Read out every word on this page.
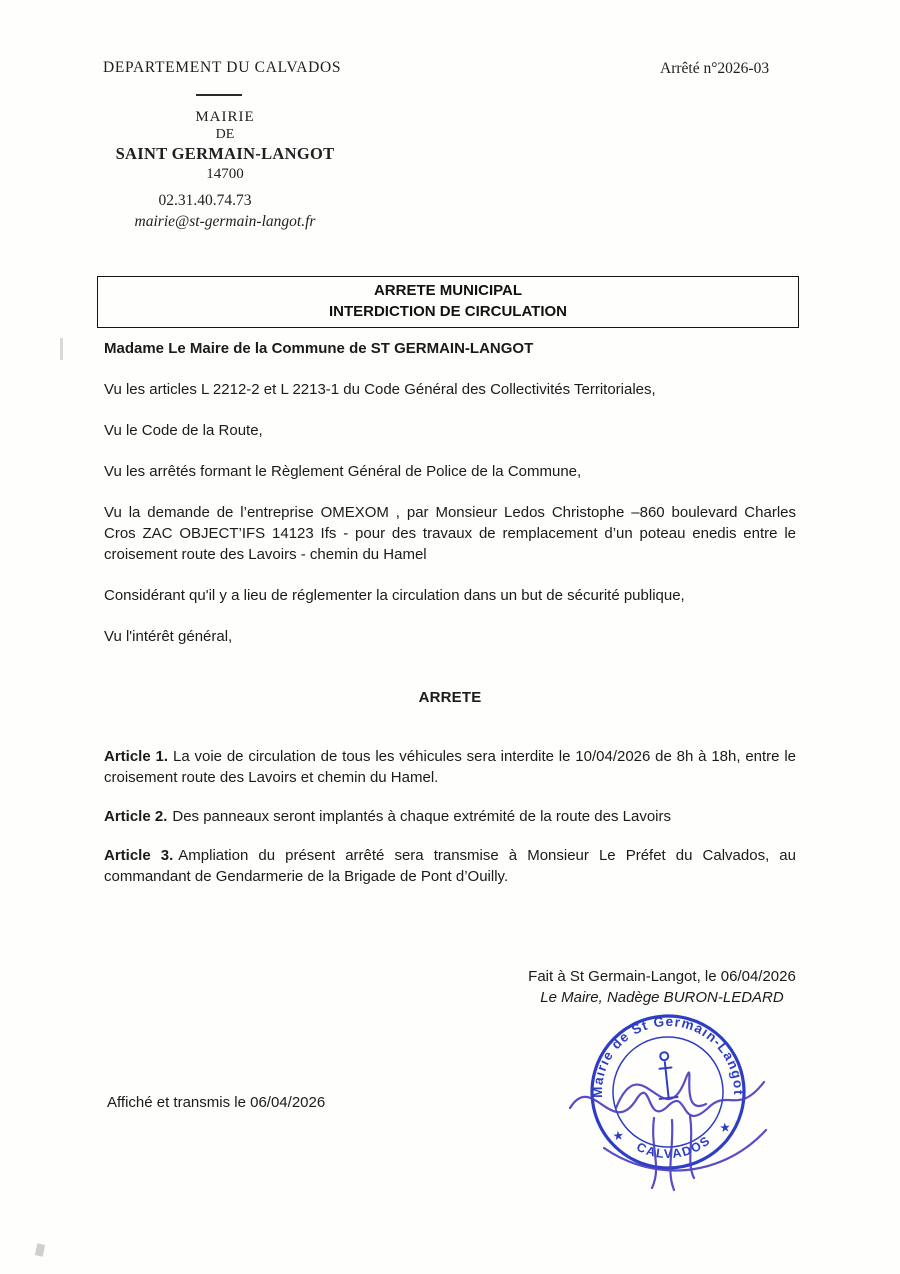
DEPARTEMENT DU CALVADOS
MAIRIE
DE
SAINT GERMAIN-LANGOT
14700
02.31.40.74.73
mairie@st-germain-langot.fr
Arrêté n°2026-03
ARRETE MUNICIPAL
INTERDICTION DE CIRCULATION

Madame Le Maire de la Commune de ST GERMAIN-LANGOT

Vu les articles L 2212-2 et L 2213-1 du Code Général des Collectivités Territoriales,

Vu le Code de la Route,

Vu les arrêtés formant le Règlement Général de Police de la Commune,

Vu la demande de l’entreprise OMEXOM , par Monsieur Ledos Christophe –860 boulevard Charles Cros ZAC OBJECT’IFS 14123 Ifs - pour des travaux de remplacement d’un poteau enedis entre le croisement route des Lavoirs - chemin du Hamel

Considérant qu'il y a lieu de réglementer la circulation dans un but de sécurité publique,

Vu l'intérêt général,

ARRETE

Article 1. La voie de circulation de tous les véhicules sera interdite le 10/04/2026 de 8h à 18h, entre le croisement route des Lavoirs et chemin du Hamel.

Article 2. Des panneaux seront implantés à chaque extrémité de la route des Lavoirs

Article 3. Ampliation du présent arrêté sera transmise à Monsieur Le Préfet du Calvados, au commandant de Gendarmerie de la Brigade de Pont d’Ouilly.

Fait à St Germain-Langot, le 06/04/2026
Le Maire, Nadège BURON-LEDARD
Mairie de St Germain-Langot
CALVADOS
★
★
Affiché et transmis le 06/04/2026
